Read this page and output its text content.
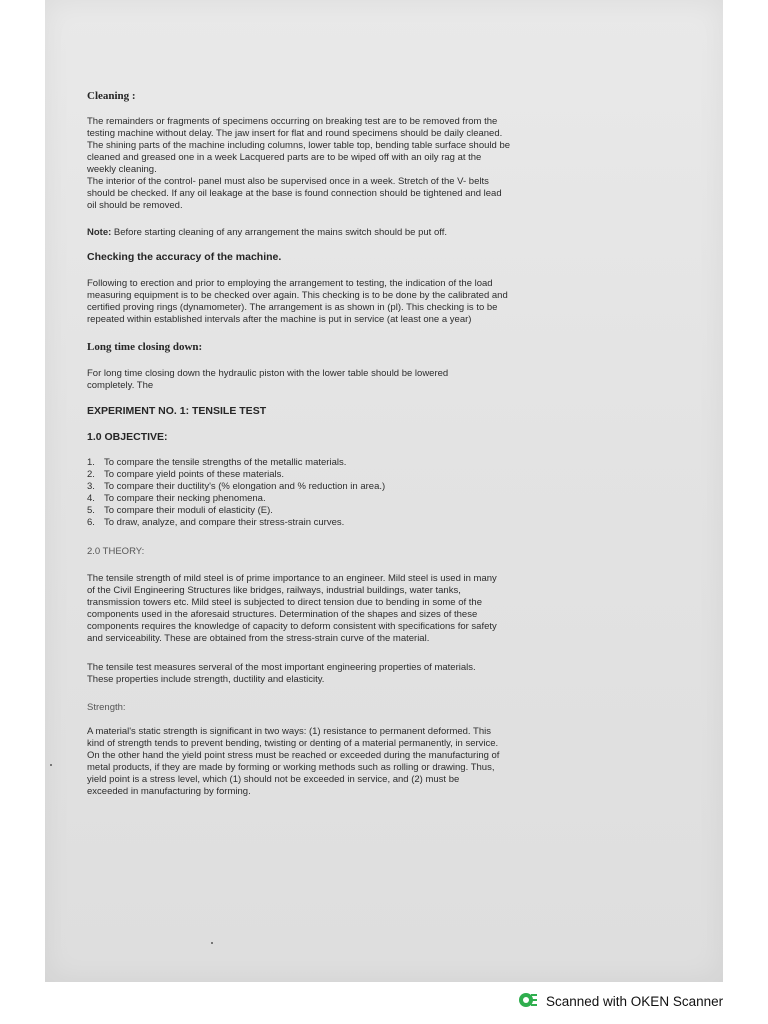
Cleaning :

The remainders or fragments of specimens occurring on breaking test are to be removed from the
testing machine without delay. The jaw insert for flat and round specimens should be daily cleaned.
The shining parts of the machine including columns, lower table top, bending table surface should be
cleaned and greased one in a week Lacquered parts are to be wiped off with an oily rag at the
weekly cleaning.
The interior of the control- panel must also be supervised once in a week. Stretch of the V- belts
should be checked. If any oil leakage at the base is found connection should be tightened and lead
oil should be removed.

Note: Before starting cleaning of any arrangement the mains switch should be put off.

Checking the accuracy of the machine.

Following to erection and prior to employing the arrangement to testing, the indication of the load
measuring equipment is to be checked over again. This checking is to be done by the calibrated and
certified proving rings (dynamometer). The arrangement is as shown in (pl). This checking is to be
repeated within established intervals after the machine is put in service (at least one a year)

Long time closing down:

For long time closing down the hydraulic piston with the lower table should be lowered
completely. The

EXPERIMENT NO. 1: TENSILE TEST

1.0 OBJECTIVE:

1. To compare the tensile strengths of the metallic materials.
2. To compare yield points of these materials.
3. To compare their ductility's (% elongation and % reduction in area.)
4. To compare their necking phenomena.
5. To compare their moduli of elasticity (E).
6. To draw, analyze, and compare their stress-strain curves.

2.0 THEORY:

The tensile strength of mild steel is of prime importance to an engineer. Mild steel is used in many
of the Civil Engineering Structures like bridges, railways, industrial buildings, water tanks,
transmission towers etc. Mild steel is subjected to direct tension due to bending in some of the
components used in the aforesaid structures. Determination of the shapes and sizes of these
components requires the knowledge of capacity to deform consistent with specifications for safety
and serviceability. These are obtained from the stress-strain curve of the material.

The tensile test measures serveral of the most important engineering properties of materials.
These properties include strength, ductility and elasticity.

Strength:

A material's static strength is significant in two ways: (1) resistance to permanent deformed. This
kind of strength tends to prevent bending, twisting or denting of a material permanently, in service.
On the other hand the yield point stress must be reached or exceeded during the manufacturing of
metal products, if they are made by forming or working methods such as rolling or drawing. Thus,
yield point is a stress level, which (1) should not be exceeded in service, and (2) must be
exceeded in manufacturing by forming.

Scanned with OKEN Scanner
